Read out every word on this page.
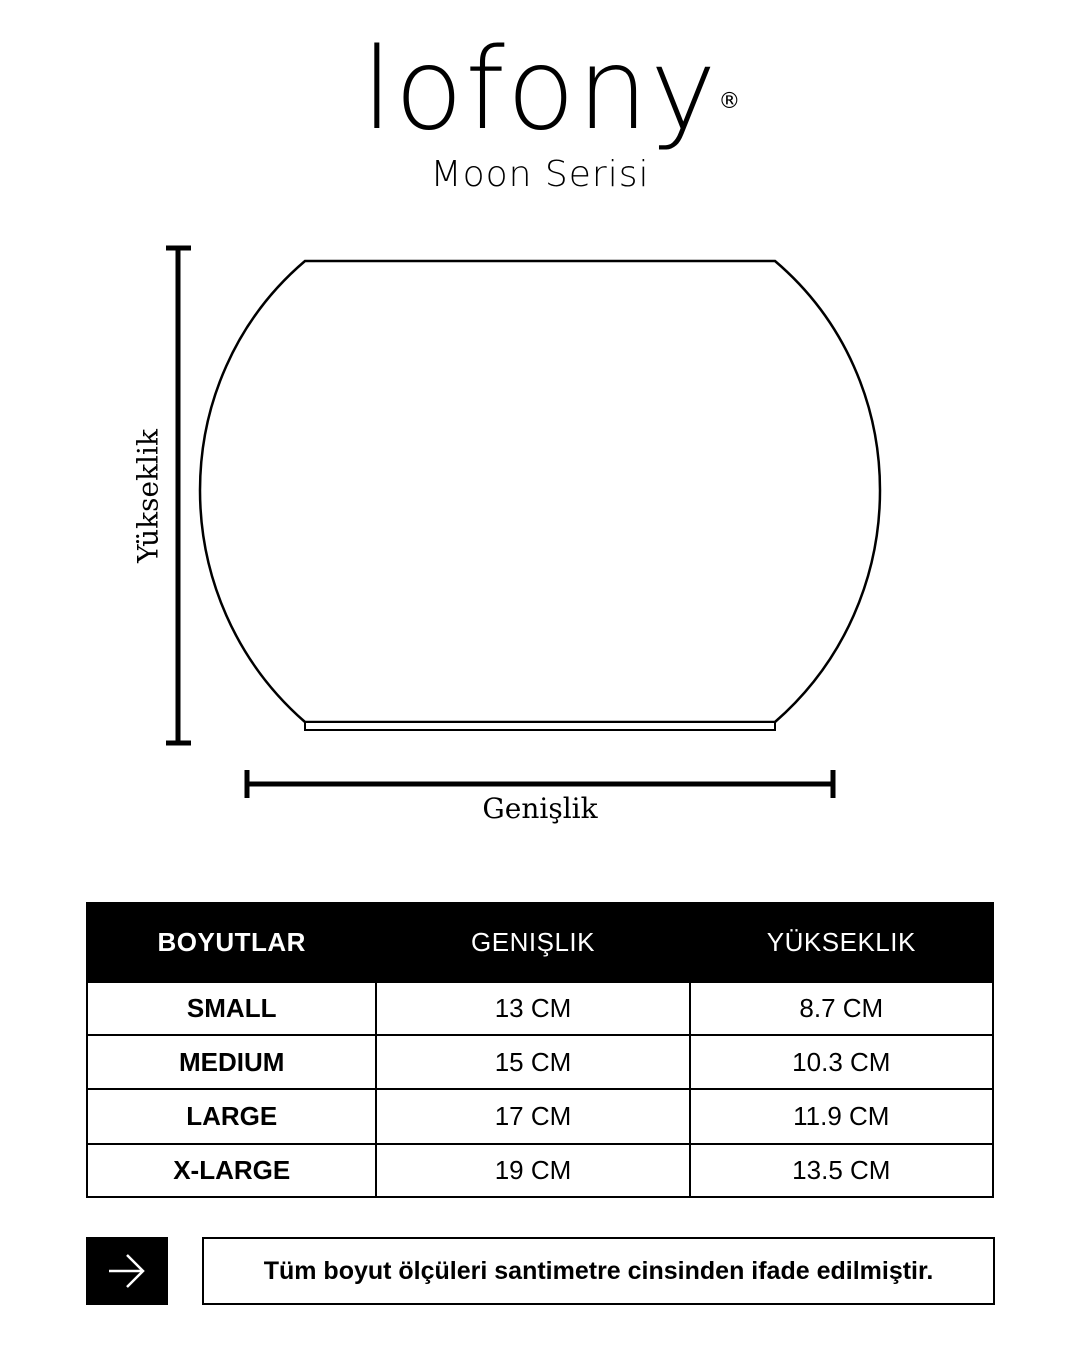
lofony ®
Moon Serisi
Yükseklik
Genişlik
BOYUTLAR	GENIŞLIK	YÜKSEKLIK
SMALL	13 CM	8.7 CM
MEDIUM	15 CM	10.3 CM
LARGE	17 CM	11.9 CM
X-LARGE	19 CM	13.5 CM
Tüm boyut ölçüleri santimetre cinsinden ifade edilmiştir.
